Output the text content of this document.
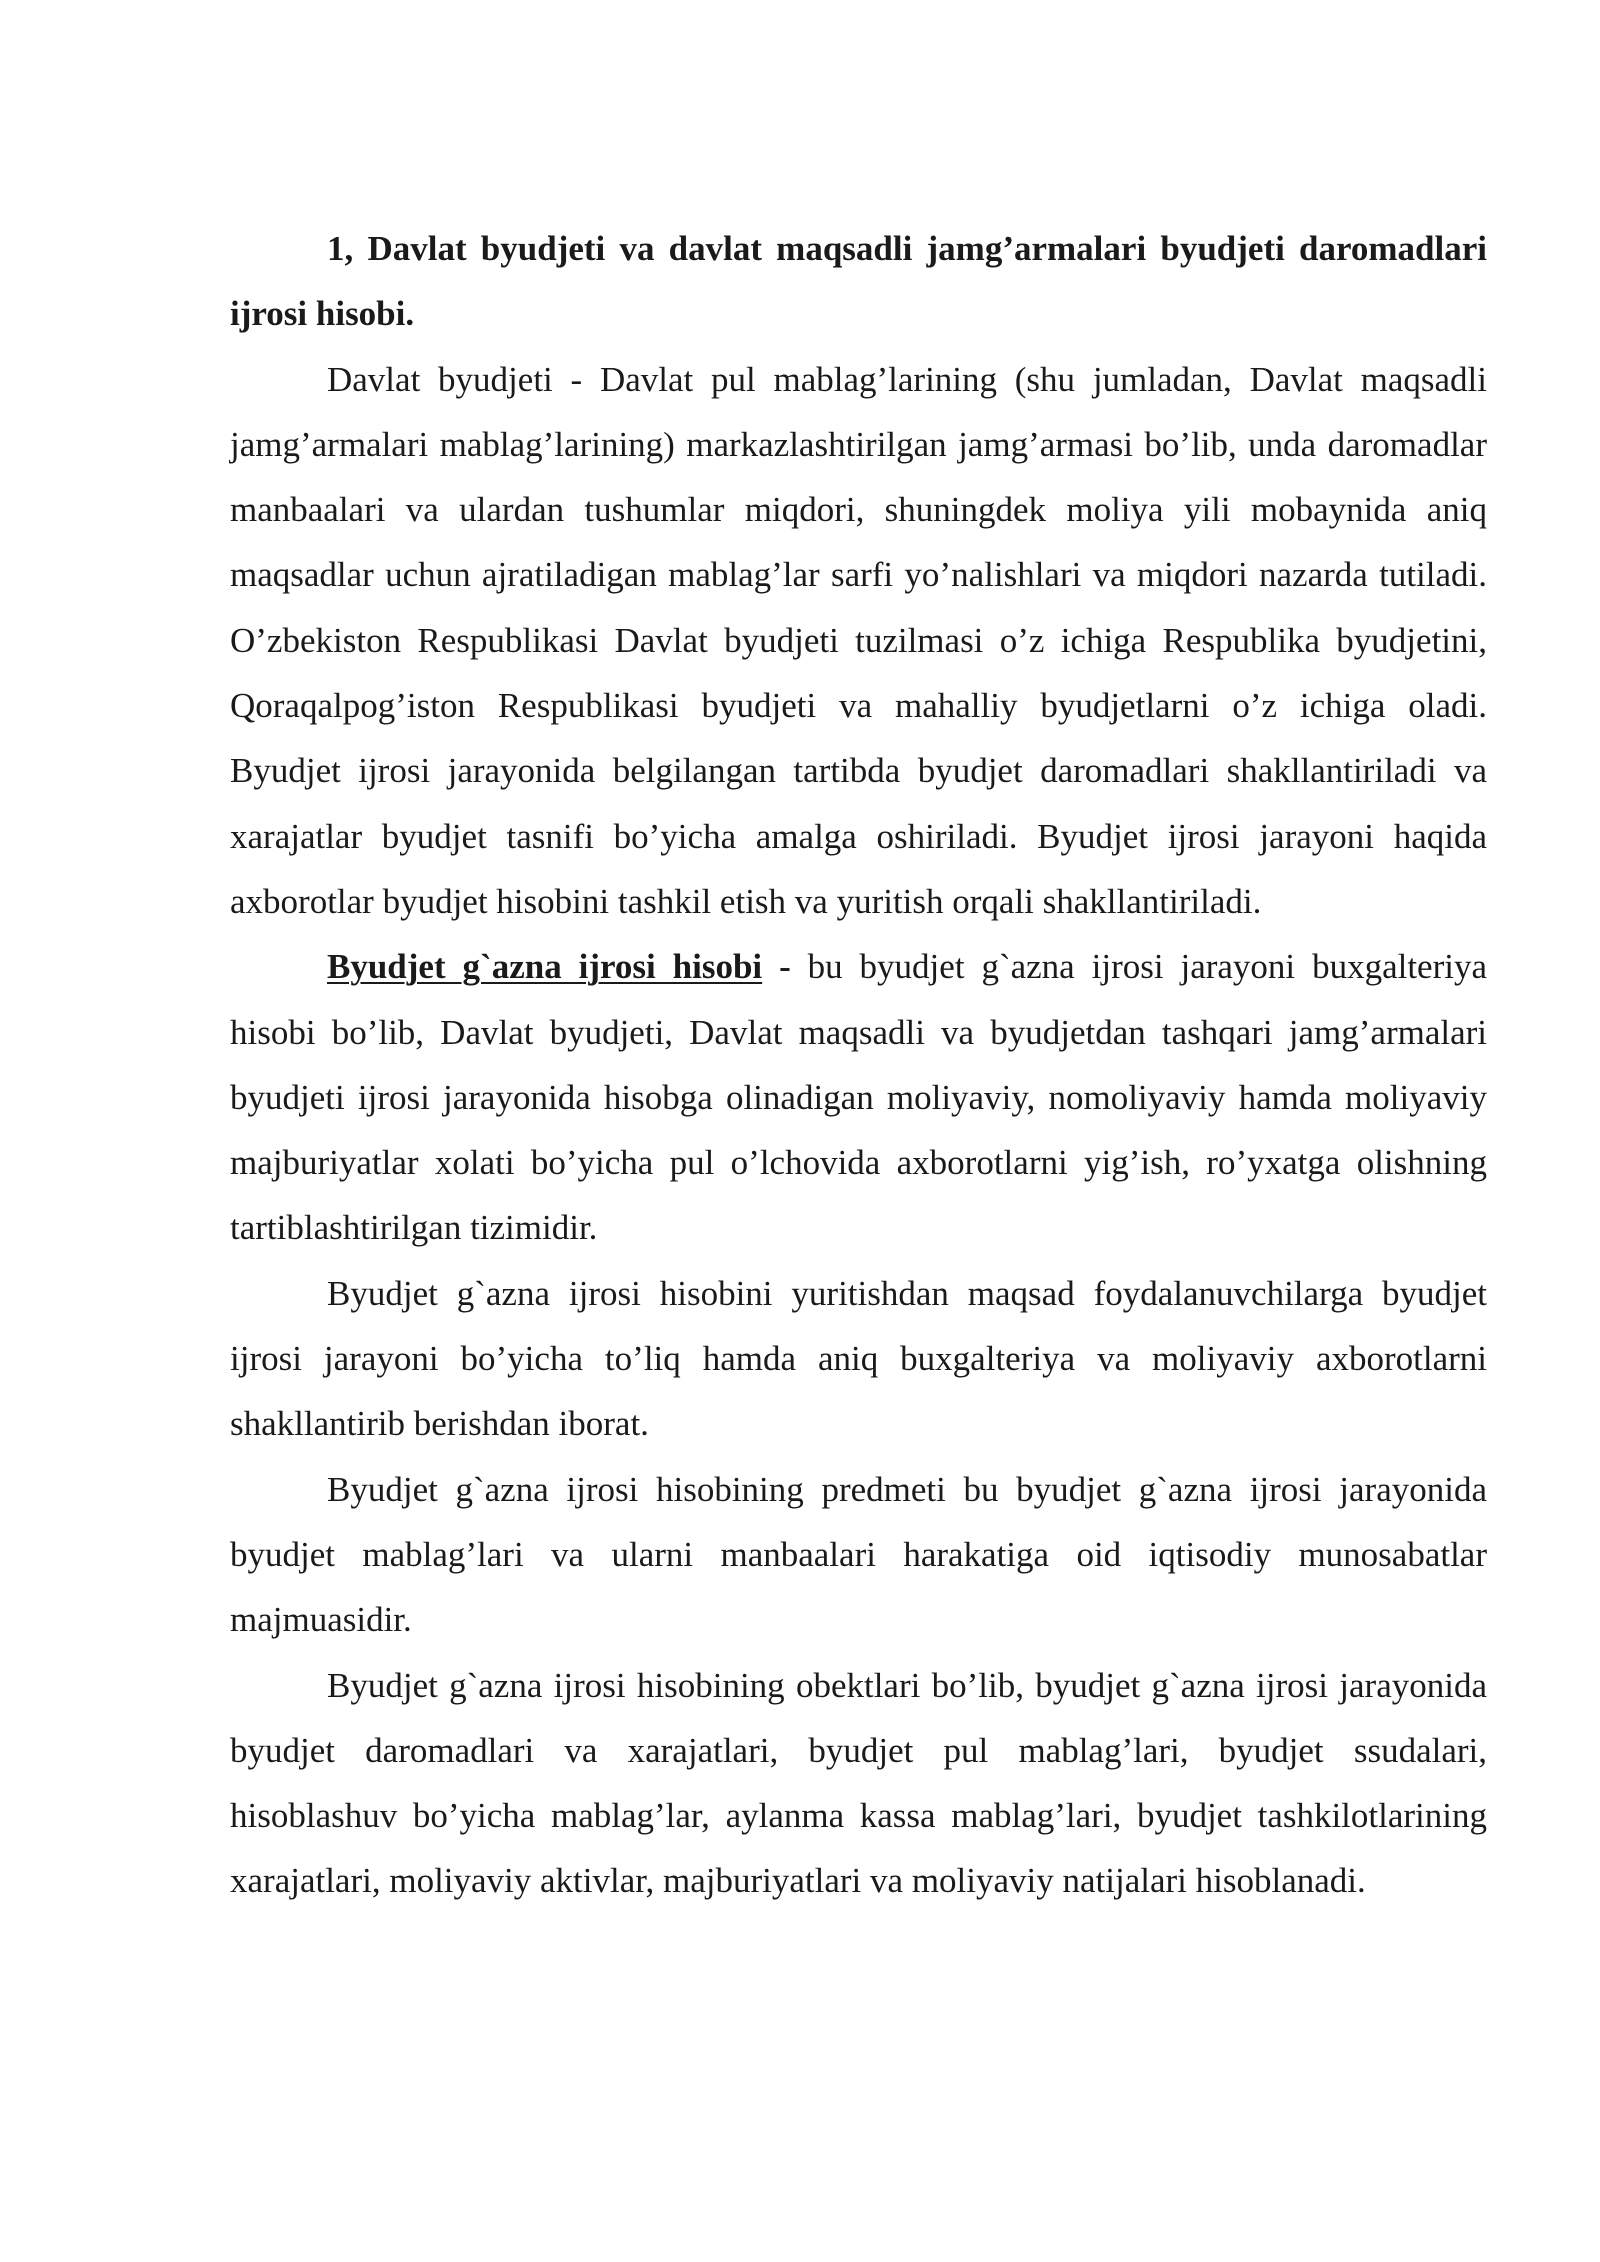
1, Davlat byudjeti va davlat maqsadli jamg’armalari byudjeti daromadlari ijrosi hisobi.

Davlat byudjeti - Davlat pul mablag’larining (shu jumladan, Davlat maqsadli jamg’armalari mablag’larining) markazlashtirilgan jamg’armasi bo’lib, unda daromadlar manbaalari va ulardan tushumlar miqdori, shuningdek moliya yili mobaynida aniq maqsadlar uchun ajratiladigan mablag’lar sarfi yo’nalishlari va miqdori nazarda tutiladi. O’zbekiston Respublikasi Davlat byudjeti tuzilmasi o’z ichiga Respublika byudjetini, Qoraqalpog’iston Respublikasi byudjeti va mahalliy byudjetlarni o’z ichiga oladi. Byudjet ijrosi jarayonida belgilangan tartibda byudjet daromadlari shakllantiriladi va xarajatlar byudjet tasnifi bo’yicha amalga oshiriladi. Byudjet ijrosi jarayoni haqida axborotlar byudjet hisobini tashkil etish va yuritish orqali shakllantiriladi.

Byudjet g`azna ijrosi hisobi - bu byudjet g`azna ijrosi jarayoni buxgalteriya hisobi bo’lib, Davlat byudjeti, Davlat maqsadli va byudjetdan tashqari jamg’armalari byudjeti ijrosi jarayonida hisobga olinadigan moliyaviy, nomoliyaviy hamda moliyaviy majburiyatlar xolati bo’yicha pul o’lchovida axborotlarni yig’ish, ro’yxatga olishning tartiblashtirilgan tizimidir.

Byudjet g`azna ijrosi hisobini yuritishdan maqsad foydalanuvchilarga byudjet ijrosi jarayoni bo’yicha to’liq hamda aniq buxgalteriya va moliyaviy axborotlarni shakllantirib berishdan iborat.

Byudjet g`azna ijrosi hisobining predmeti bu byudjet g`azna ijrosi jarayonida byudjet mablag’lari va ularni manbaalari harakatiga oid iqtisodiy munosabatlar majmuasidir.

Byudjet g`azna ijrosi hisobining obektlari bo’lib, byudjet g`azna ijrosi jarayonida byudjet daromadlari va xarajatlari, byudjet pul mablag’lari, byudjet ssudalari, hisoblashuv bo’yicha mablag’lar, aylanma kassa mablag’lari, byudjet tashkilotlarining xarajatlari, moliyaviy aktivlar, majburiyatlari va moliyaviy natijalari hisoblanadi.
